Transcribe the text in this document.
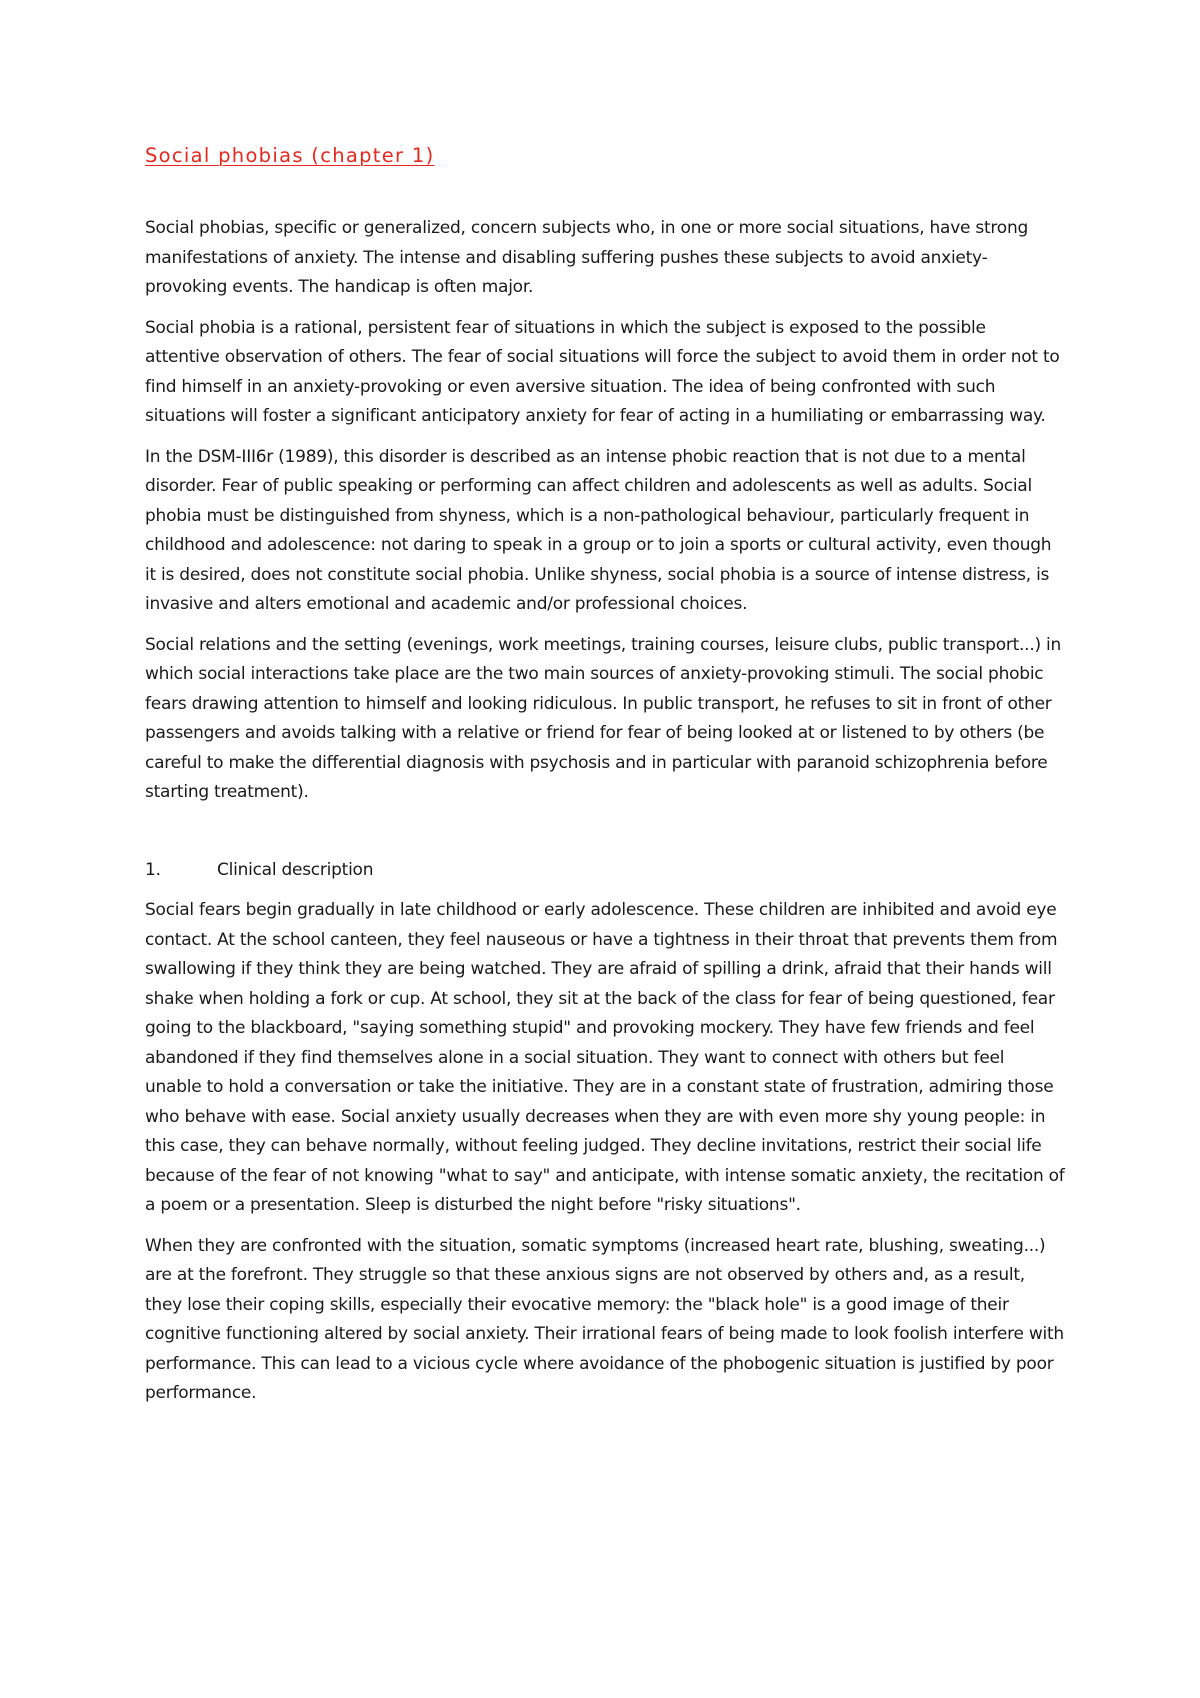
Social phobias (chapter 1)

Social phobias, specific or generalized, concern subjects who, in one or more social situations, have strong manifestations of anxiety. The intense and disabling suffering pushes these subjects to avoid anxiety-provoking events. The handicap is often major.

Social phobia is a rational, persistent fear of situations in which the subject is exposed to the possible attentive observation of others. The fear of social situations will force the subject to avoid them in order not to find himself in an anxiety-provoking or even aversive situation. The idea of being confronted with such situations will foster a significant anticipatory anxiety for fear of acting in a humiliating or embarrassing way.

In the DSM-III6r (1989), this disorder is described as an intense phobic reaction that is not due to a mental disorder. Fear of public speaking or performing can affect children and adolescents as well as adults. Social phobia must be distinguished from shyness, which is a non-pathological behaviour, particularly frequent in childhood and adolescence: not daring to speak in a group or to join a sports or cultural activity, even though it is desired, does not constitute social phobia. Unlike shyness, social phobia is a source of intense distress, is invasive and alters emotional and academic and/or professional choices.

Social relations and the setting (evenings, work meetings, training courses, leisure clubs, public transport...) in which social interactions take place are the two main sources of anxiety-provoking stimuli. The social phobic fears drawing attention to himself and looking ridiculous. In public transport, he refuses to sit in front of other passengers and avoids talking with a relative or friend for fear of being looked at or listened to by others (be careful to make the differential diagnosis with psychosis and in particular with paranoid schizophrenia before starting treatment).

1.	Clinical description

Social fears begin gradually in late childhood or early adolescence. These children are inhibited and avoid eye contact. At the school canteen, they feel nauseous or have a tightness in their throat that prevents them from swallowing if they think they are being watched. They are afraid of spilling a drink, afraid that their hands will shake when holding a fork or cup. At school, they sit at the back of the class for fear of being questioned, fear going to the blackboard, "saying something stupid" and provoking mockery. They have few friends and feel abandoned if they find themselves alone in a social situation. They want to connect with others but feel unable to hold a conversation or take the initiative. They are in a constant state of frustration, admiring those who behave with ease. Social anxiety usually decreases when they are with even more shy young people: in this case, they can behave normally, without feeling judged. They decline invitations, restrict their social life because of the fear of not knowing "what to say" and anticipate, with intense somatic anxiety, the recitation of a poem or a presentation. Sleep is disturbed the night before "risky situations".

When they are confronted with the situation, somatic symptoms (increased heart rate, blushing, sweating...) are at the forefront. They struggle so that these anxious signs are not observed by others and, as a result, they lose their coping skills, especially their evocative memory: the "black hole" is a good image of their cognitive functioning altered by social anxiety. Their irrational fears of being made to look foolish interfere with performance. This can lead to a vicious cycle where avoidance of the phobogenic situation is justified by poor performance.
